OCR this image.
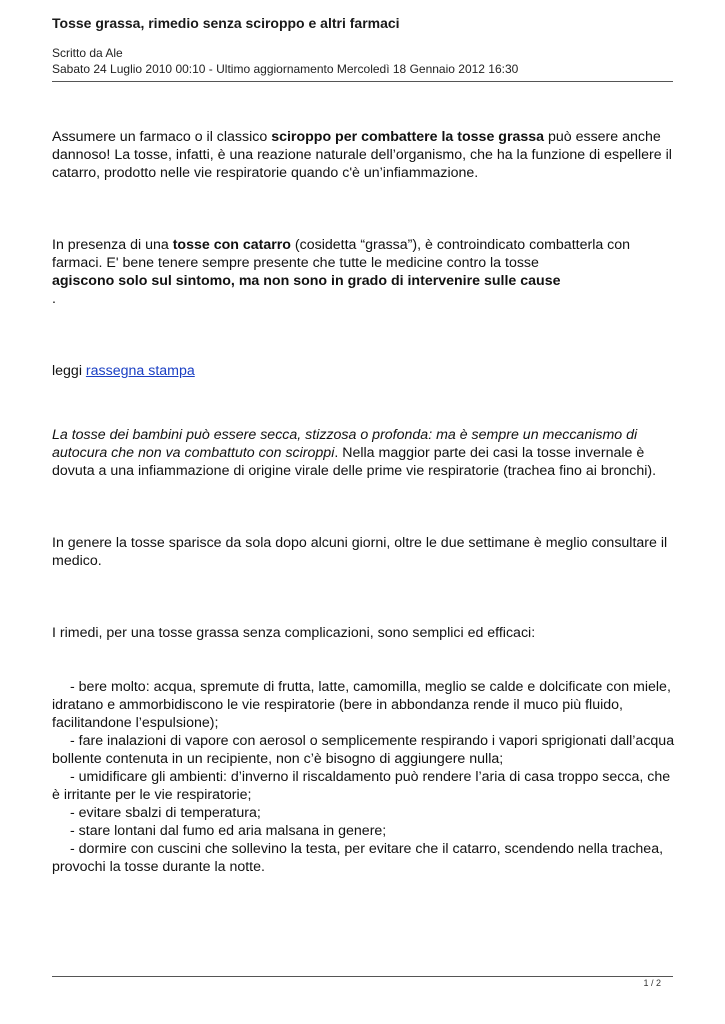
Tosse grassa, rimedio senza sciroppo e altri farmaci
Scritto da Ale
Sabato 24 Luglio 2010 00:10 - Ultimo aggiornamento Mercoledì 18 Gennaio 2012 16:30

Assumere un farmaco o il classico sciroppo per combattere la tosse grassa può essere anche dannoso! La tosse, infatti, è una reazione naturale dell’organismo, che ha la funzione di espellere il catarro, prodotto nelle vie respiratorie quando c'è un’infiammazione.

In presenza di una tosse con catarro (cosidetta “grassa”), è controindicato combatterla con farmaci. E' bene tenere sempre presente che tutte le medicine contro la tosse
agiscono solo sul sintomo, ma non sono in grado di intervenire sulle cause
.

leggi rassegna stampa

La tosse dei bambini può essere secca, stizzosa o profonda: ma è sempre un meccanismo di autocura che non va combattuto con sciroppi. Nella maggior parte dei casi la tosse invernale è dovuta a una infiammazione di origine virale delle prime vie respiratorie (trachea fino ai bronchi).

In genere la tosse sparisce da sola dopo alcuni giorni, oltre le due settimane è meglio consultare il medico.

I rimedi, per una tosse grassa senza complicazioni, sono semplici ed efficaci:

- bere molto: acqua, spremute di frutta, latte, camomilla, meglio se calde e dolcificate con miele, idratano e ammorbidiscono le vie respiratorie (bere in abbondanza rende il muco più fluido, facilitandone l’espulsione);
- fare inalazioni di vapore con aerosol o semplicemente respirando i vapori sprigionati dall’acqua bollente contenuta in un recipiente, non c’è bisogno di aggiungere nulla;
- umidificare gli ambienti: d’inverno il riscaldamento può rendere l’aria di casa troppo secca, che è irritante per le vie respiratorie;
- evitare sbalzi di temperatura;
- stare lontani dal fumo ed aria malsana in genere;
- dormire con cuscini che sollevino la testa, per evitare che il catarro, scendendo nella trachea, provochi la tosse durante la notte.
1 / 2
